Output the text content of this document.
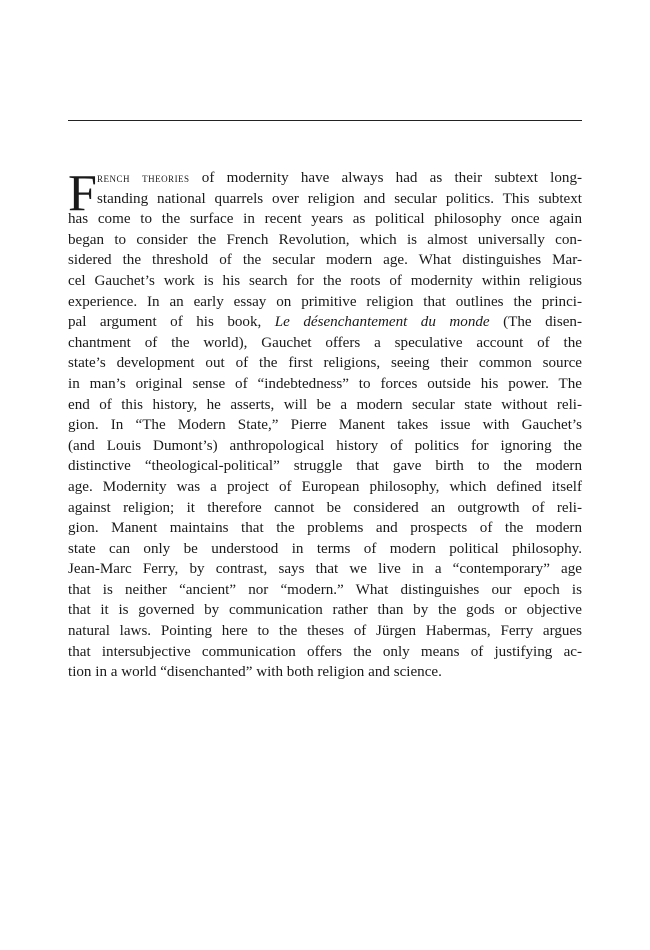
F rench theories of modernity have always had as their subtext long-
standing national quarrels over religion and secular politics. This subtext
has come to the surface in recent years as political philosophy once again
began to consider the French Revolution, which is almost universally con-
sidered the threshold of the secular modern age. What distinguishes Mar-
cel Gauchet’s work is his search for the roots of modernity within religious
experience. In an early essay on primitive religion that outlines the princi-
pal argument of his book, Le désenchantement du monde (The disen-
chantment of the world), Gauchet offers a speculative account of the
state’s development out of the first religions, seeing their common source
in man’s original sense of “indebtedness” to forces outside his power. The
end of this history, he asserts, will be a modern secular state without reli-
gion. In “The Modern State,” Pierre Manent takes issue with Gauchet’s
(and Louis Dumont’s) anthropological history of politics for ignoring the
distinctive “theological-political” struggle that gave birth to the modern
age. Modernity was a project of European philosophy, which defined itself
against religion; it therefore cannot be considered an outgrowth of reli-
gion. Manent maintains that the problems and prospects of the modern
state can only be understood in terms of modern political philosophy.
Jean-Marc Ferry, by contrast, says that we live in a “contemporary” age
that is neither “ancient” nor “modern.” What distinguishes our epoch is
that it is governed by communication rather than by the gods or objective
natural laws. Pointing here to the theses of Jürgen Habermas, Ferry argues
that intersubjective communication offers the only means of justifying ac-
tion in a world “disenchanted” with both religion and science.
